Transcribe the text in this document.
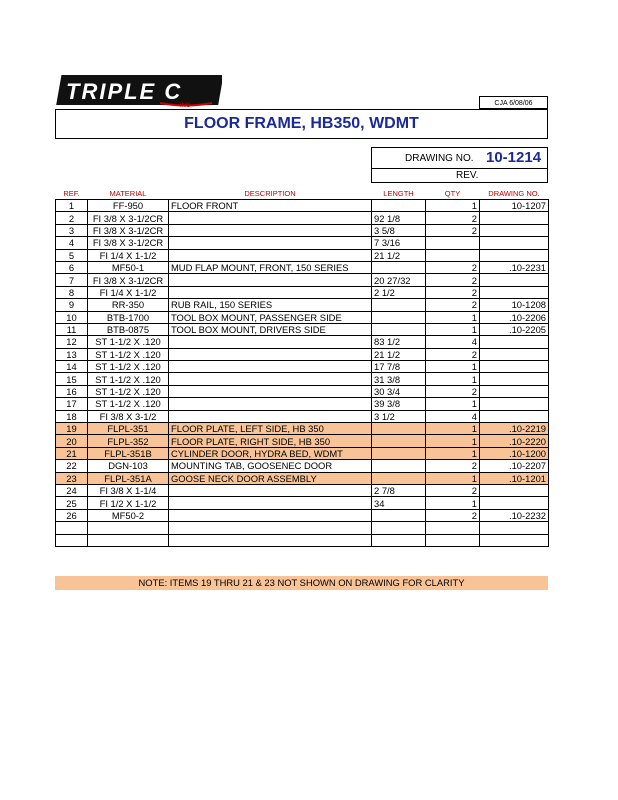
TRIPLE C
INC	CJA 6/08/06
FLOOR FRAME, HB350, WDMT
DRAWING NO. 10-1214
REV.
REF.	MATERIAL	DESCRIPTION	LENGTH	QTY	DRAWING NO.
1	FF-950	FLOOR FRONT		1	10-1207
2	FI 3/8 X 3-1/2CR		92 1/8	2	
3	FI 3/8 X 3-1/2CR		3 5/8	2	
4	FI 3/8 X 3-1/2CR		7 3/16		
5	FI 1/4 X 1-1/2		21 1/2		
6	MF50-1	MUD FLAP MOUNT, FRONT, 150 SERIES		2	.10-2231
7	FI 3/8 X 3-1/2CR		20 27/32	2	
8	FI 1/4 X 1-1/2		2 1/2	2	
9	RR-350	RUB RAIL, 150 SERIES		2	10-1208
10	BTB-1700	TOOL BOX MOUNT, PASSENGER SIDE		1	.10-2206
11	BTB-0875	TOOL BOX MOUNT, DRIVERS SIDE		1	.10-2205
12	ST 1-1/2 X .120		83 1/2	4	
13	ST 1-1/2 X .120		21 1/2	2	
14	ST 1-1/2 X .120		17 7/8	1	
15	ST 1-1/2 X .120		31 3/8	1	
16	ST 1-1/2 X .120		30 3/4	2	
17	ST 1-1/2 X .120		39 3/8	1	
18	FI 3/8 X 3-1/2		3 1/2	4	
19	FLPL-351	FLOOR PLATE, LEFT SIDE, HB 350		1	.10-2219
20	FLPL-352	FLOOR PLATE, RIGHT SIDE, HB 350		1	.10-2220
21	FLPL-351B	CYLINDER DOOR, HYDRA BED, WDMT		1	.10-1200
22	DGN-103	MOUNTING TAB, GOOSENEC DOOR		2	.10-2207
23	FLPL-351A	GOOSE NECK DOOR ASSEMBLY		1	.10-1201
24	FI 3/8 X 1-1/4		2 7/8	2	
25	FI 1/2 X 1-1/2		34	1	
26	MF50-2			2	.10-2232

NOTE: ITEMS 19 THRU 21 & 23 NOT SHOWN ON DRAWING FOR CLARITY
